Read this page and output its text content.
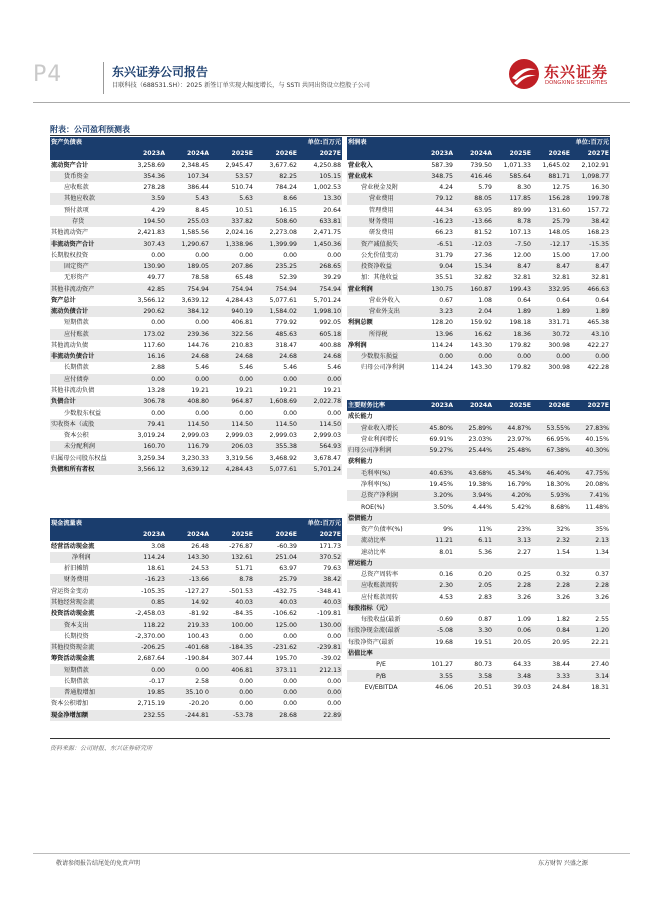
P4	东兴证券公司报告
目联科技（688531.SH）：2025 新签订单实现大幅度增长，与 SSTI 共同出资设立控股子公司
东兴证券
DONGXING SECURITIES
附表：公司盈利预测表
资产负债表				单位:百万元	
	2023A	2024A	2025E	2026E	2027E
流动资产合计	3,258.69	2,348.45	2,945.47	3,677.62	4,250.88
货币资金	354.36	107.34	53.57	82.25	105.15
应收账款	278.28	386.44	510.74	784.24	1,002.53
其他应收款	3.59	5.43	5.63	8.66	13.30
预付款项	4.29	8.45	10.51	16.15	20.64
存货	194.50	255.03	337.82	508.60	633.81
其他流动资产	2,421.83	1,585.56	2,024.16	2,273.08	2,471.75
非流动资产合计	307.43	1,290.67	1,338.96	1,399.99	1,450.36
长期股权投资	0.00	0.00	0.00	0.00	0.00
固定资产	130.90	189.05	207.86	235.25	268.65
无形资产	49.77	78.58	65.48	52.39	39.29
其他非流动资产	42.85	754.94	754.94	754.94	754.94
资产总计	3,566.12	3,639.12	4,284.43	5,077.61	5,701.24
流动负债合计	290.62	384.12	940.19	1,584.02	1,998.10
短期借款	0.00	0.00	406.81	779.92	992.05
应付账款	173.02	239.36	322.56	485.63	605.18
其他流动负债	117.60	144.76	210.83	318.47	400.88
非流动负债合计	16.16	24.68	24.68	24.68	24.68
长期借款	2.88	5.46	5.46	5.46	5.46
应付债券	0.00	0.00	0.00	0.00	0.00
其他非流动负债	13.28	19.21	19.21	19.21	19.21
负债合计	306.78	408.80	964.87	1,608.69	2,022.78
少数股东权益	0.00	0.00	0.00	0.00	0.00
实收资本（或股	79.41	114.50	114.50	114.50	114.50
资本公积	3,019.24	2,999.03	2,999.03	2,999.03	2,999.03
未分配利润	160.70	116.79	206.03	355.38	564.93
归属母公司股东权益	3,259.34	3,230.33	3,319.56	3,468.92	3,678.47
负债和所有者权	3,566.12	3,639.12	4,284.43	5,077.61	5,701.24
现金流量表				单位:百万元	
	2023A	2024A	2025E	2026E	2027E
经营活动现金流	3.08	26.48	-276.87	-60.39	171.73
净利润	114.24	143.30	132.61	251.04	370.52
折旧摊销	18.61	24.53	51.71	63.97	79.63
财务费用	-16.23	-13.66	8.78	25.79	38.42
营运资金变动	-105.35	-127.27	-501.53	-432.75	-348.41
其他经营现金流	0.85	14.92	40.03	40.03	40.03
投资活动现金流	-2,458.03	-81.92	-84.35	-106.62	-109.81
资本支出	118.22	219.33	100.00	125.00	130.00
长期投资	-2,370.00	100.43	0.00	0.00	0.00
其他投资现金流	-206.25	-401.68	-184.35	-231.62	-239.81
筹资活动现金流	2,687.64	-190.84	307.44	195.70	-39.02
短期借款	0.00	0.00	406.81	373.11	212.13
长期借款	-0.17	2.58	0.00	0.00	0.00
普通股增加	19.85	35.10 0	0.00	0.00	0.00
资本公积增加	2,715.19	-20.20	0.00	0.00	0.00
现金净增加额	232.55	-244.81	-53.78	28.68	22.89
利润表				单位:百万元	
	2023A	2024A	2025E	2026E	2027E
营业收入	587.39	739.50	1,071.33	1,645.02	2,102.91
营业成本	348.75	416.46	585.64	881.71	1,098.77
营业税金及附	4.24	5.79	8.30	12.75	16.30
营业费用	79.12	88.05	117.85	156.28	199.78
管理费用	44.34	63.95	89.99	131.60	157.72
财务费用	-16.23	-13.66	8.78	25.79	38.42
研发费用	66.23	81.52	107.13	148.05	168.23
资产减值损失	-6.51	-12.03	-7.50	-12.17	-15.35
公允价值变动	31.79	27.36	12.00	15.00	17.00
投资净收益	9.04	15.34	8.47	8.47	8.47
加：其他收益	35.51	32.82	32.81	32.81	32.81
营业利润	130.75	160.87	199.43	332.95	466.63
营业外收入	0.67	1.08	0.64	0.64	0.64
营业外支出	3.23	2.04	1.89	1.89	1.89
利润总额	128.20	159.92	198.18	331.71	465.38
所得税	13.96	16.62	18.36	30.72	43.10
净利润	114.24	143.30	179.82	300.98	422.27
少数股东损益	0.00	0.00	0.00	0.00	0.00
归母公司净利润	114.24	143.30	179.82	300.98	422.28
主要财务比率	2023A	2024A	2025E	2026E	2027E
成长能力					
营业收入增长	45.80%	25.89%	44.87%	53.55%	27.83%
营业利润增长	69.91%	23.03%	23.97%	66.95%	40.15%
归母公司净利润	59.27%	25.44%	25.48%	67.38%	40.30%
获利能力					
毛利率(%)	40.63%	43.68%	45.34%	46.40%	47.75%
净利率(%)	19.45%	19.38%	16.79%	18.30%	20.08%
总资产净利润	3.20%	3.94%	4.20%	5.93%	7.41%
ROE(%)	3.50%	4.44%	5.42%	8.68%	11.48%
偿债能力					
资产负债率(%)	9%	11%	23%	32%	35%
流动比率	11.21	6.11	3.13	2.32	2.13
速动比率	8.01	5.36	2.27	1.54	1.34
营运能力					
总资产周转率	0.16	0.20	0.25	0.32	0.37
应收账款周转	2.30	2.05	2.28	2.28	2.28
应付账款周转	4.53	2.83	3.26	3.26	3.26
每股指标（元）					
每股收益(最新	0.69	0.87	1.09	1.82	2.55
每股净现金流(最新	-5.08	3.30	0.06	0.84	1.20
每股净资产(最新	19.68	19.51	20.05	20.95	22.21
估值比率					
P/E	101.27	80.73	64.33	38.44	27.40
P/B	3.55	3.58	3.48	3.33	3.14
EV/EBITDA	46.06	20.51	39.03	24.84	18.31
资料来源：公司财报、东兴证券研究所
敬请参阅报告结尾处的免责声明	东方财智 兴盛之源
